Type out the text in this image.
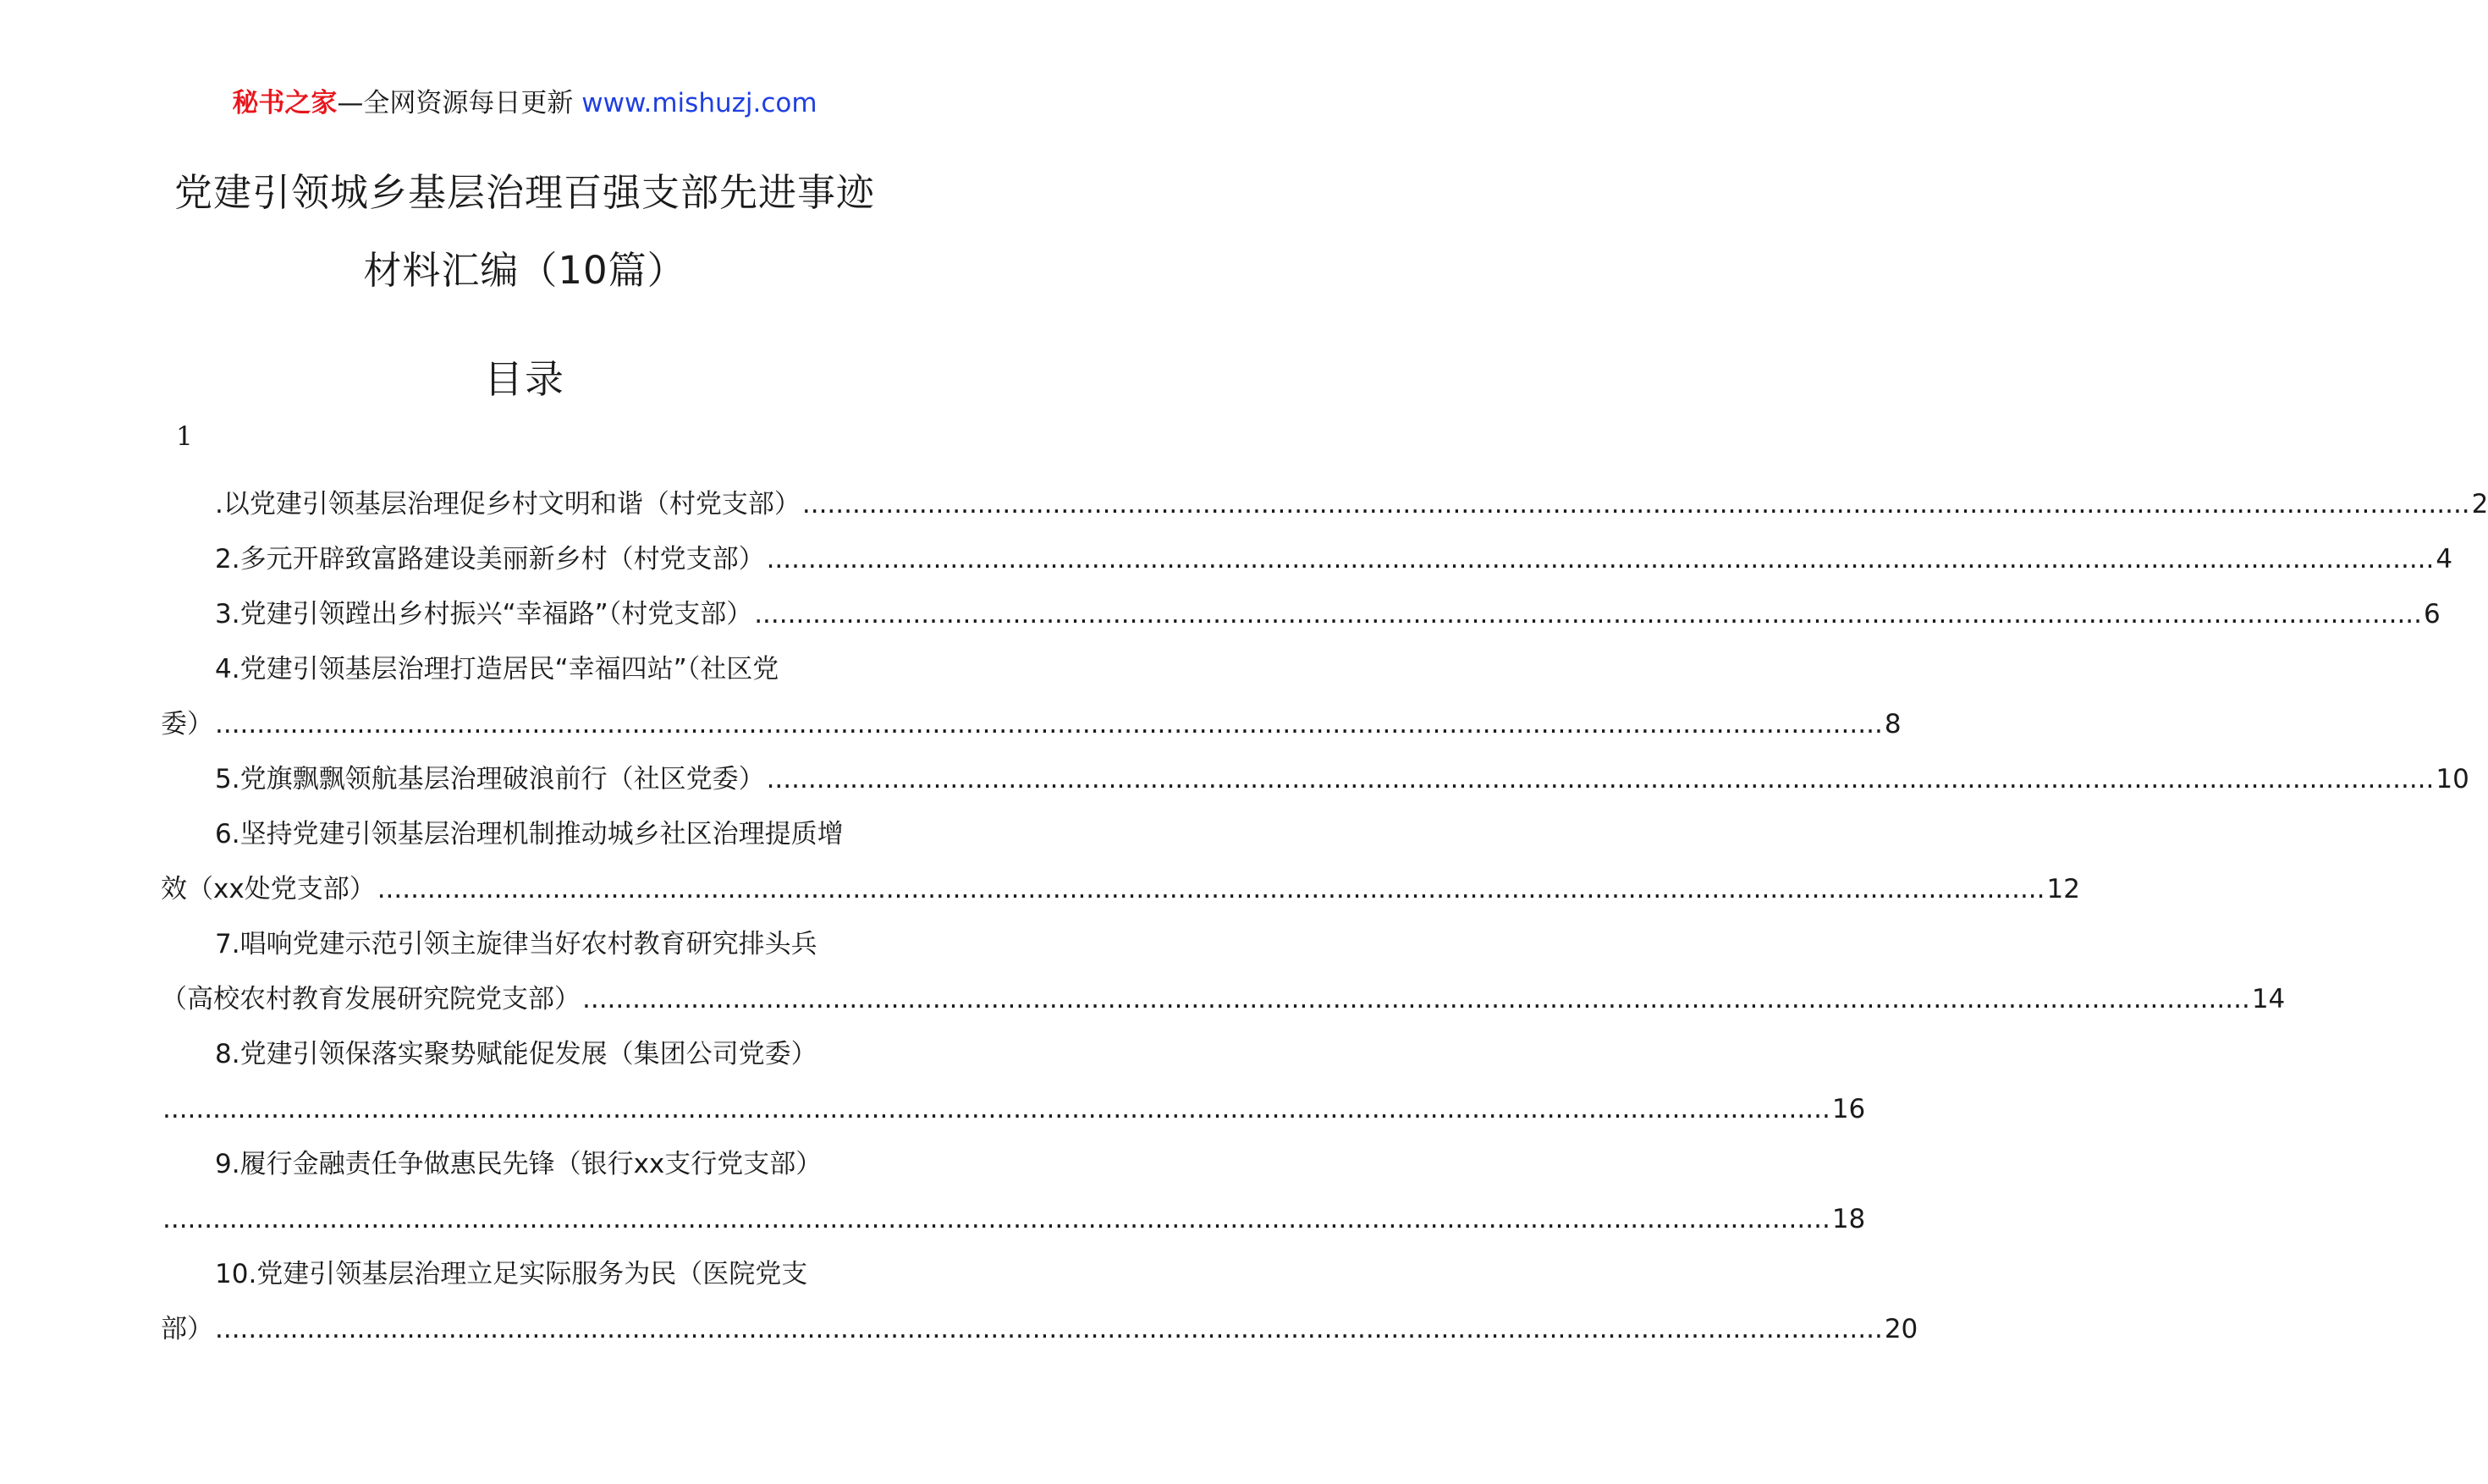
秘书之家—全网资源每日更新 www.mishuzj.com
党建引领城乡基层治理百强支部先进事迹
材料汇编（10篇）
目录
1
.以党建引领基层治理促乡村文明和谐（村党支部） ........................................................................................................................................................................................................ 2
2.多元开辟致富路建设美丽新乡村（村党支部） ........................................................................................................................................................................................................ 4
3.党建引领蹚出乡村振兴“幸福路”（村党支部） ........................................................................................................................................................................................................ 6
4.党建引领基层治理打造居民“幸福四站”（社区党
委） ........................................................................................................................................................................................................ 8
5.党旗飘飘领航基层治理破浪前行（社区党委） ........................................................................................................................................................................................................ 10
6.坚持党建引领基层治理机制推动城乡社区治理提质增
效（xx处党支部） ........................................................................................................................................................................................................ 12
7.唱响党建示范引领主旋律当好农村教育研究排头兵
（高校农村教育发展研究院党支部） ........................................................................................................................................................................................................ 14
8.党建引领保落实聚势赋能促发展（集团公司党委）
........................................................................................................................................................................................................ 16
9.履行金融责任争做惠民先锋（银行xx支行党支部）
........................................................................................................................................................................................................ 18
10.党建引领基层治理立足实际服务为民（医院党支
部） ........................................................................................................................................................................................................ 20
